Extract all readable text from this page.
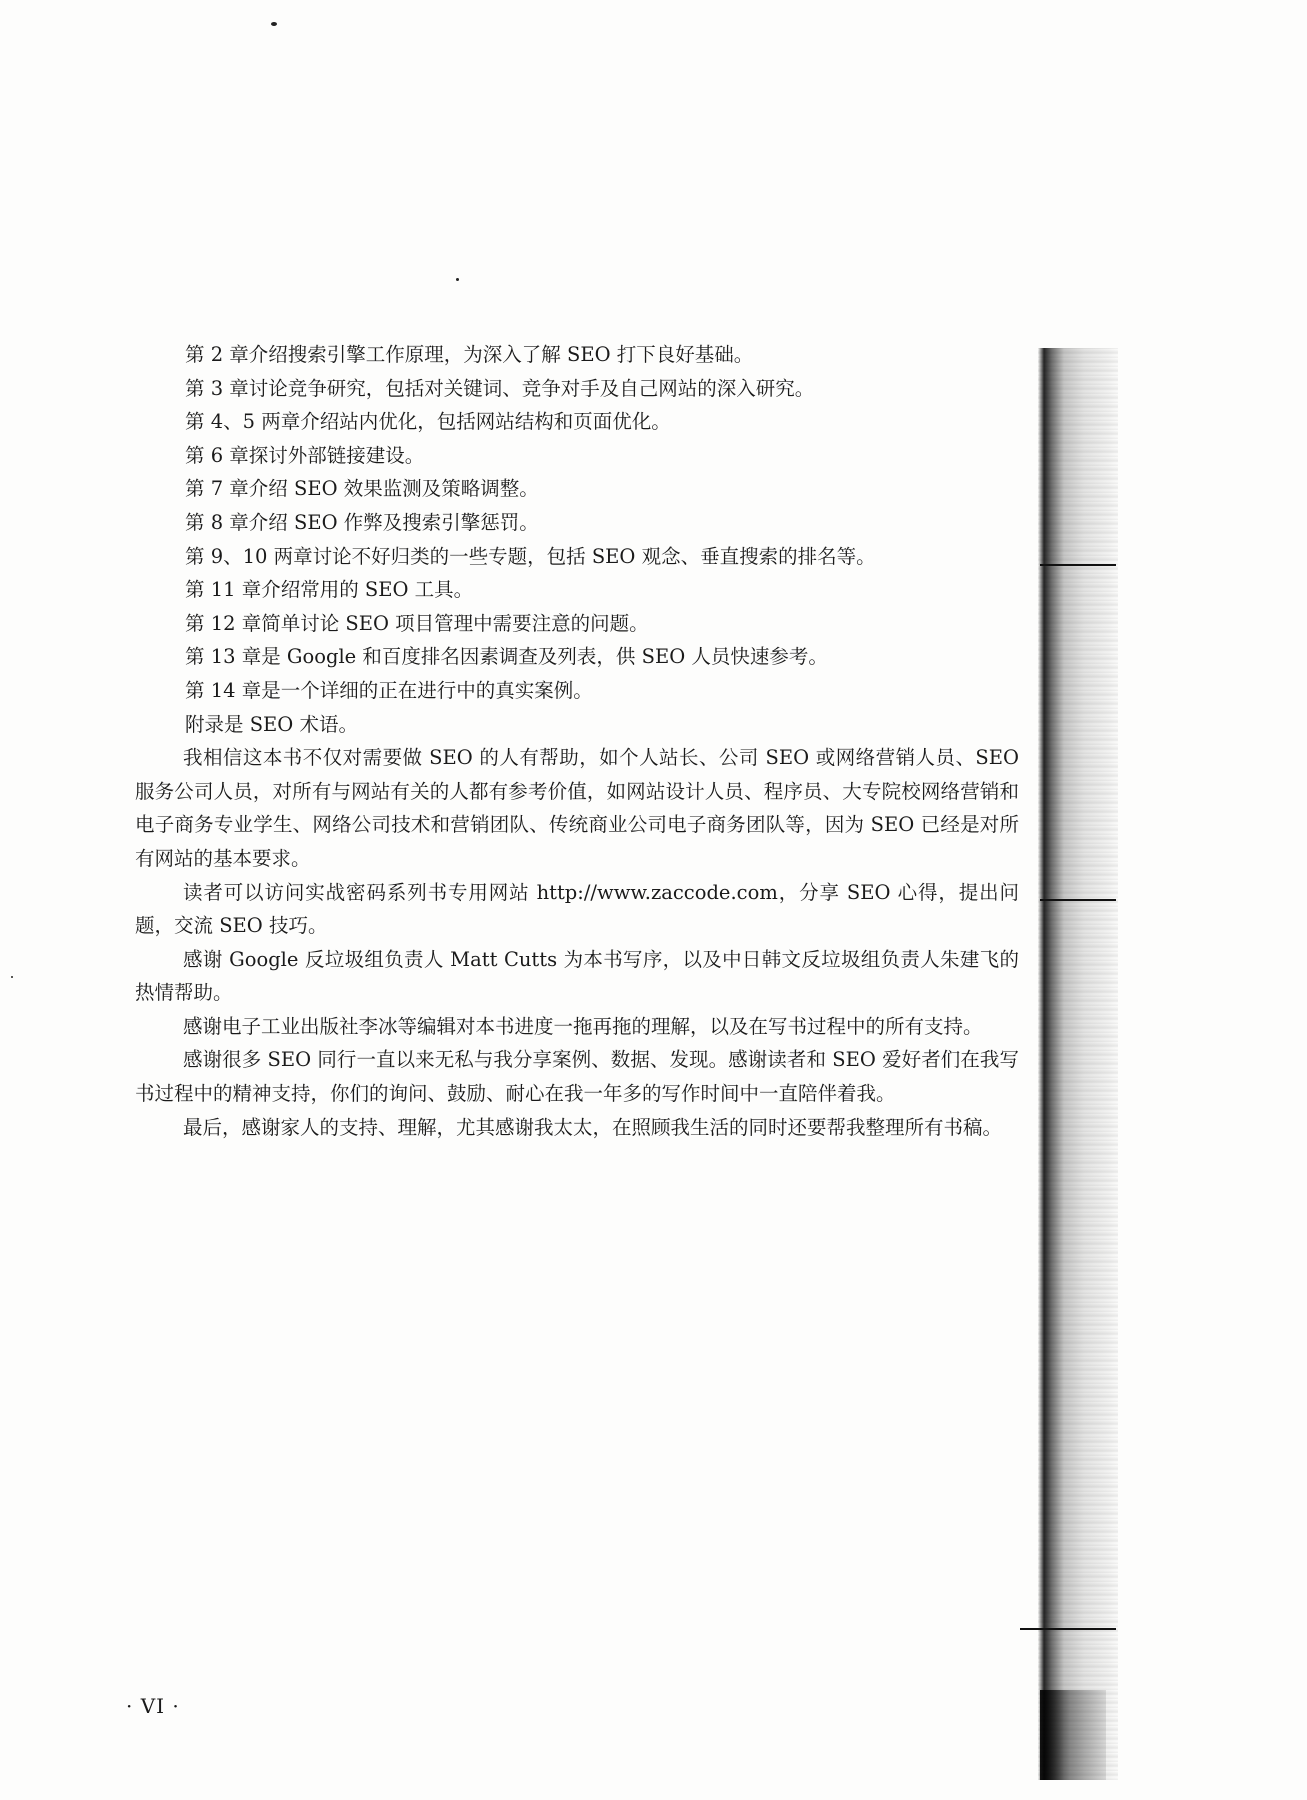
第 2 章介绍搜索引擎工作原理，为深入了解 SEO 打下良好基础。
第 3 章讨论竞争研究，包括对关键词、竞争对手及自己网站的深入研究。
第 4、5 两章介绍站内优化，包括网站结构和页面优化。
第 6 章探讨外部链接建设。
第 7 章介绍 SEO 效果监测及策略调整。
第 8 章介绍 SEO 作弊及搜索引擎惩罚。
第 9、10 两章讨论不好归类的一些专题，包括 SEO 观念、垂直搜索的排名等。
第 11 章介绍常用的 SEO 工具。
第 12 章简单讨论 SEO 项目管理中需要注意的问题。
第 13 章是 Google 和百度排名因素调查及列表，供 SEO 人员快速参考。
第 14 章是一个详细的正在进行中的真实案例。
附录是 SEO 术语。

我相信这本书不仅对需要做 SEO 的人有帮助，如个人站长、公司 SEO 或网络营销人员、SEO 服务公司人员，对所有与网站有关的人都有参考价值，如网站设计人员、程序员、大专院校网络营销和电子商务专业学生、网络公司技术和营销团队、传统商业公司电子商务团队等，因为 SEO 已经是对所有网站的基本要求。

读者可以访问实战密码系列书专用网站 http://www.zaccode.com，分享 SEO 心得，提出问题，交流 SEO 技巧。

感谢 Google 反垃圾组负责人 Matt Cutts 为本书写序，以及中日韩文反垃圾组负责人朱建飞的热情帮助。

感谢电子工业出版社李冰等编辑对本书进度一拖再拖的理解，以及在写书过程中的所有支持。

感谢很多 SEO 同行一直以来无私与我分享案例、数据、发现。感谢读者和 SEO 爱好者们在我写书过程中的精神支持，你们的询问、鼓励、耐心在我一年多的写作时间中一直陪伴着我。

最后，感谢家人的支持、理解，尤其感谢我太太，在照顾我生活的同时还要帮我整理所有书稿。

· VI ·
